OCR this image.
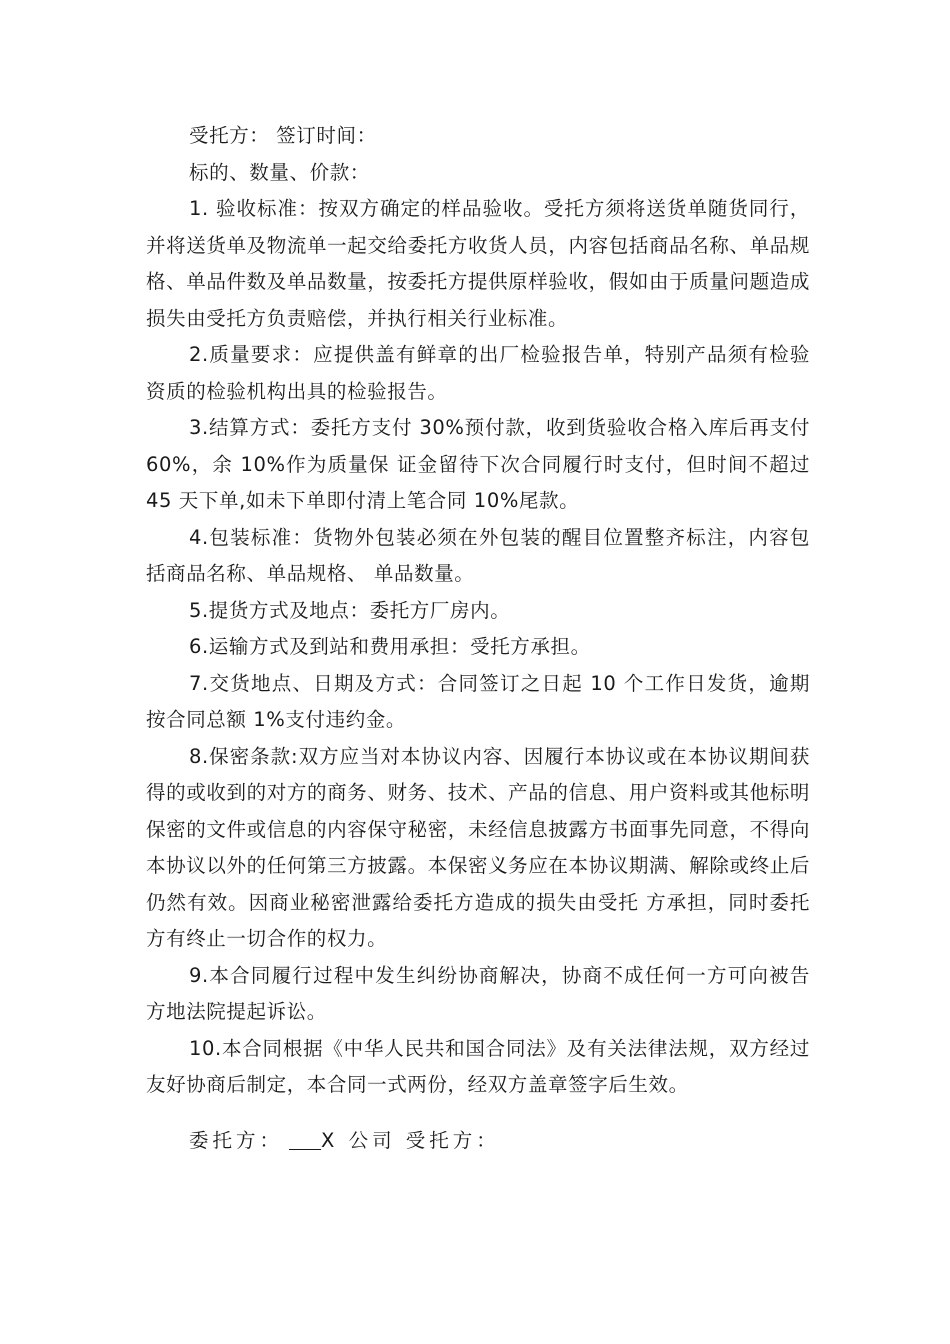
受托方： 签订时间：

标的、数量、价款：

1. 验收标准：按双方确定的样品验收。受托方须将送货单随货同行，并将送货单及物流单一起交给委托方收货人员，内容包括商品名称、单品规格、单品件数及单品数量，按委托方提供原样验收，假如由于质量问题造成损失由受托方负责赔偿，并执行相关行业标准。

2.质量要求：应提供盖有鲜章的出厂检验报告单，特别产品须有检验资质的检验机构出具的检验报告。

3.结算方式：委托方支付 30%预付款，收到货验收合格入库后再支付 60%，余 10%作为质量保 证金留待下次合同履行时支付，但时间不超过 45 天下单,如未下单即付清上笔合同 10%尾款。

4.包装标准：货物外包装必须在外包装的醒目位置整齐标注，内容包括商品名称、单品规格、 单品数量。

5.提货方式及地点：委托方厂房内。

6.运输方式及到站和费用承担：受托方承担。

7.交货地点、日期及方式：合同签订之日起 10 个工作日发货，逾期按合同总额 1%支付违约金。

8.保密条款:双方应当对本协议内容、因履行本协议或在本协议期间获得的或收到的对方的商务、财务、技术、产品的信息、用户资料或其他标明保密的文件或信息的内容保守秘密，未经信息披露方书面事先同意，不得向本协议以外的任何第三方披露。本保密义务应在本协议期满、解除或终止后仍然有效。因商业秘密泄露给委托方造成的损失由受托 方承担，同时委托方有终止一切合作的权力。

9.本合同履行过程中发生纠纷协商解决，协商不成任何一方可向被告方地法院提起诉讼。

10.本合同根据《中华人民共和国合同法》及有关法律法规，双方经过友好协商后制定，本合同一式两份，经双方盖章签字后生效。

委托方： X 公司 受托方：
